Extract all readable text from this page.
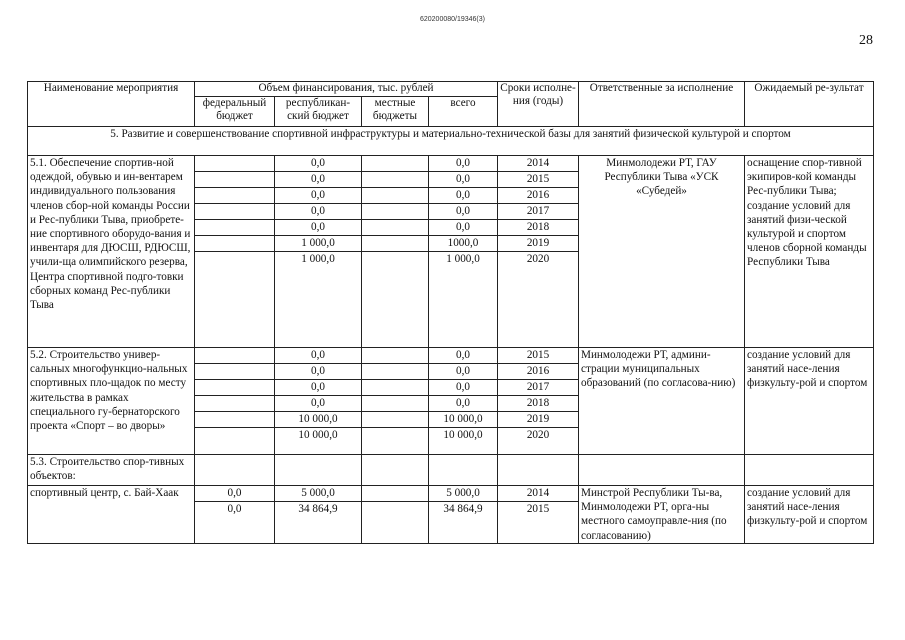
620200080/19346(3)
28
Наименование мероприятия	Объем финансирования, тыс. рублей				Сроки исполне-ния (годы)	Ответственные за исполнение	Ожидаемый ре-зультат
	федеральный бюджет	республикан-ский бюджет	местные бюджеты	всего			
5. Развитие и совершенствование спортивной инфраструктуры и материально-технической базы для занятий физической культурой и спортом							
5.1. Обеспечение спортив-ной одеждой, обувью и ин-вентарем индивидуального пользования членов сбор-ной команды России и Рес-публики Тыва, приобрете-ние спортивного оборудо-вания и инвентаря для ДЮСШ, РДЮСШ, учили-ща олимпийского резерва, Центра спортивной подго-товки сборных команд Рес-публики Тыва		0,0		0,0	2014	Минмолодежи РТ, ГАУ Республики Тыва «УСК «Субедей»	оснащение спор-тивной экипиров-кой команды Рес-публики Тыва; создание условий для занятий физи-ческой культурой и спортом членов сборной команды Республики Тыва
		0,0		0,0	2015		
		0,0		0,0	2016		
		0,0		0,0	2017		
		0,0		0,0	2018		
		1 000,0		1000,0	2019		
		1 000,0		1 000,0	2020		
5.2. Строительство универ-сальных многофункцио-нальных спортивных пло-щадок по месту жительства в рамках специального гу-бернаторского проекта «Спорт – во дворы»		0,0		0,0	2015	Минмолодежи РТ, админи-страции муниципальных образований (по согласова-нию)	создание условий для занятий насе-ления физкульту-рой и спортом
		0,0		0,0	2016		
		0,0		0,0	2017		
		0,0		0,0	2018		
		10 000,0		10 000,0	2019		
		10 000,0		10 000,0	2020		
5.3. Строительство спор-тивных объектов:							
спортивный центр, с. Бай-Хаак	0,0	5 000,0		5 000,0	2014	Минстрой Республики Ты-ва, Минмолодежи РТ, орга-ны местного самоуправле-ния (по согласованию)	создание условий для занятий насе-ления физкульту-рой и спортом
	0,0	34 864,9		34 864,9	2015		
